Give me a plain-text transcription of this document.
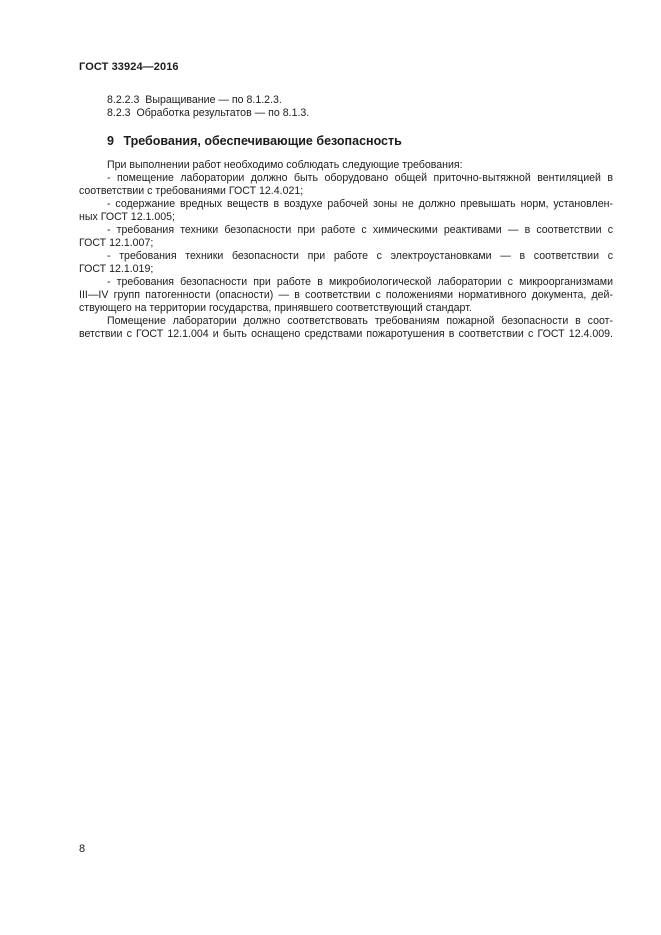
ГОСТ 33924—2016
8.2.2.3 Выращивание — по 8.1.2.3.
8.2.3 Обработка результатов — по 8.1.3.
9 Требования, обеспечивающие безопасность
При выполнении работ необходимо соблюдать следующие требования:
- помещение лаборатории должно быть оборудовано общей приточно-вытяжной вентиляцией в
соответствии с требованиями ГОСТ 12.4.021;
- содержание вредных веществ в воздухе рабочей зоны не должно превышать норм, установлен-
ных ГОСТ 12.1.005;
- требования техники безопасности при работе с химическими реактивами — в соответствии с
ГОСТ 12.1.007;
- требования техники безопасности при работе с электроустановками — в соответствии с
ГОСТ 12.1.019;
- требования безопасности при работе в микробиологической лаборатории с микроорганизмами
III—IV групп патогенности (опасности) — в соответствии с положениями нормативного документа, дей-
ствующего на территории государства, принявшего соответствующий стандарт.
Помещение лаборатории должно соответствовать требованиям пожарной безопасности в соот-
ветствии с ГОСТ 12.1.004 и быть оснащено средствами пожаротушения в соответствии с ГОСТ 12.4.009.
8
